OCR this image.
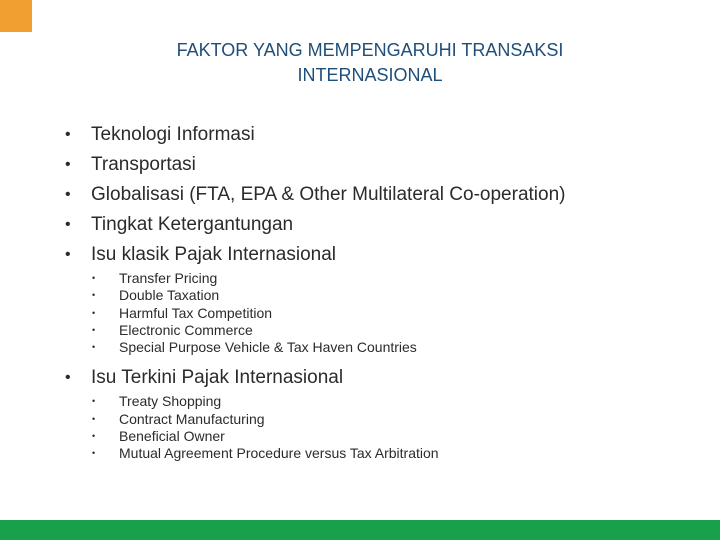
FAKTOR YANG MEMPENGARUHI TRANSAKSI
INTERNASIONAL
• Teknologi Informasi
• Transportasi
• Globalisasi (FTA, EPA & Other Multilateral Co-operation)
• Tingkat Ketergantungan
• Isu klasik Pajak Internasional
• Transfer Pricing
• Double Taxation
• Harmful Tax Competition
• Electronic Commerce
• Special Purpose Vehicle & Tax Haven Countries
• Isu Terkini Pajak Internasional
• Treaty Shopping
• Contract Manufacturing
• Beneficial Owner
• Mutual Agreement Procedure versus Tax Arbitration
